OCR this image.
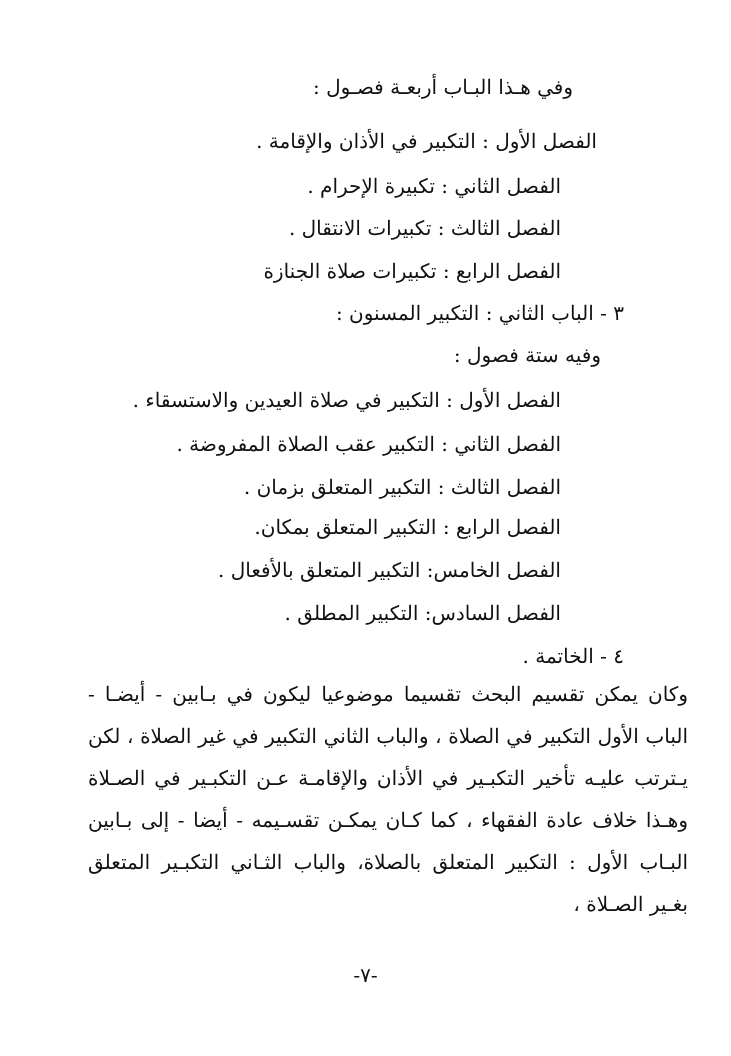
وفي هـذا البـاب أربعـة فصـول :
الفصل الأول : التكبير في الأذان والإقامة .
الفصل الثاني : تكبيرة الإحرام .
الفصل الثالث : تكبيرات الانتقال .
الفصل الرابع : تكبيرات صلاة الجنازة
٣ - الباب الثاني : التكبير المسنون :
وفيه ستة فصول :
الفصل الأول : التكبير في صلاة العيدين والاستسقاء .
الفصل الثاني : التكبير عقب الصلاة المفروضة .
الفصل الثالث : التكبير المتعلق بزمان .
الفصل الرابع : التكبير المتعلق بمكان.
الفصل الخامس: التكبير المتعلق بالأفعال .
الفصل السادس: التكبير المطلق .
٤ - الخاتمة .
وكان يمكن تقسيم البحث تقسيما موضوعيا ليكون في بـابين - أيضـا - الباب الأول التكبير في الصلاة ، والباب الثاني التكبير في غير الصلاة ، لكن يـترتب عليـه تأخير التكبـير في الأذان والإقامـة عـن التكبـير في الصـلاة وهـذا خلاف عادة الفقهاء ، كما كـان يمكـن تقسـيمه - أيضا - إلى بـابين البـاب الأول : التكبير المتعلق بالصلاة، والباب الثـاني التكبـير المتعلق بغـير الصـلاة ،
-٧-
